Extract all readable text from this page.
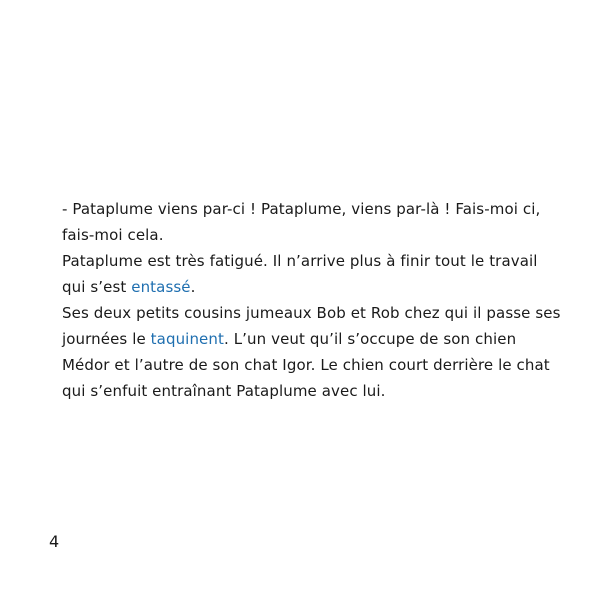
- Pataplume viens par-ci ! Pataplume, viens par-là ! Fais-moi ci,
fais-moi cela.
Pataplume est très fatigué. Il n’arrive plus à finir tout le travail
qui s’est entassé.
Ses deux petits cousins jumeaux Bob et Rob chez qui il passe ses
journées le taquinent. L’un veut qu’il s’occupe de son chien
Médor et l’autre de son chat Igor. Le chien court derrière le chat
qui s’enfuit entraînant Pataplume avec lui.
4
